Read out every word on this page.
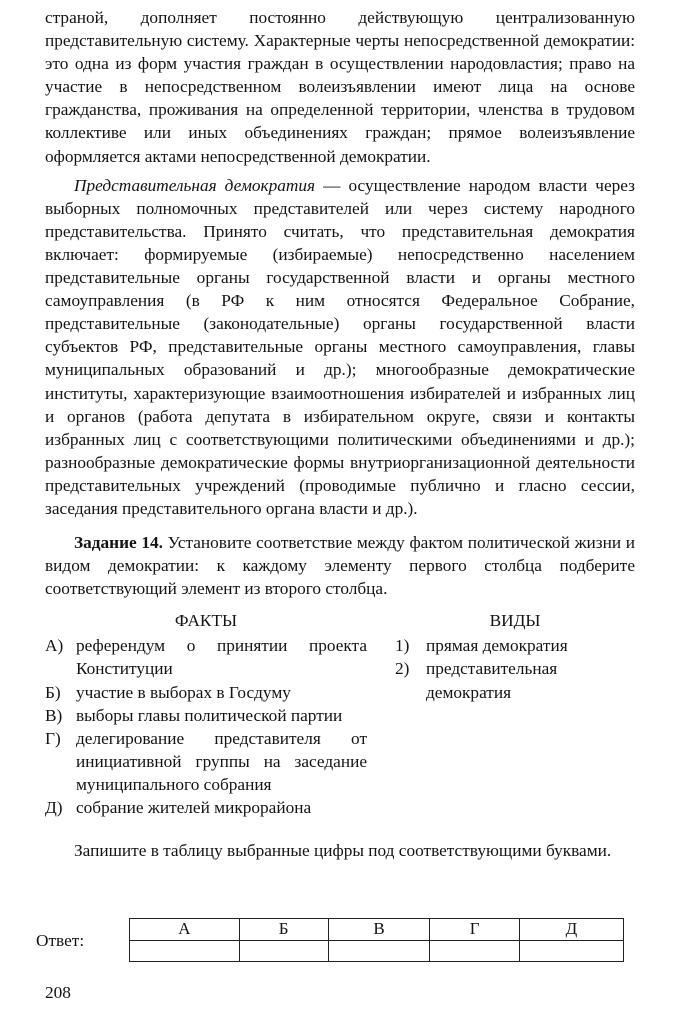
страной, дополняет постоянно действующую централизованную представительную систему. Характерные черты непосредственной демократии: это одна из форм участия граждан в осуществлении народовластия; право на участие в непосредственном волеизъявлении имеют лица на основе гражданства, проживания на определенной территории, членства в трудовом коллективе или иных объединениях граждан; прямое волеизъявление оформляется актами непосредственной демократии.

Представительная демократия — осуществление народом власти через выборных полномочных представителей или через систему народного представительства. Принято считать, что представительная демократия включает: формируемые (избираемые) непосредственно населением представительные органы государственной власти и органы местного самоуправления (в РФ к ним относятся Федеральное Собрание, представительные (законодательные) органы государственной власти субъектов РФ, представительные органы местного самоуправления, главы муниципальных образований и др.); многообразные демократические институты, характеризующие взаимоотношения избирателей и избранных лиц и органов (работа депутата в избирательном округе, связи и контакты избранных лиц с соответствующими политическими объединениями и др.); разнообразные демократические формы внутриорганизационной деятельности представительных учреждений (проводимые публично и гласно сессии, заседания представительного органа власти и др.).

Задание 14. Установите соответствие между фактом политической жизни и видом демократии: к каждому элементу первого столбца подберите соответствующий элемент из второго столбца.

ФАКТЫ
А) референдум о принятии проекта Конституции
Б) участие в выборах в Госдуму
В) выборы главы политической партии
Г) делегирование представителя от инициативной группы на заседание муниципального собрания
Д) собрание жителей микрорайона
ВИДЫ
1) прямая демократия
2) представительная демократия

Запишите в таблицу выбранные цифры под соответствующими буквами.

Ответ:
А	Б	В	Г	Д

208
